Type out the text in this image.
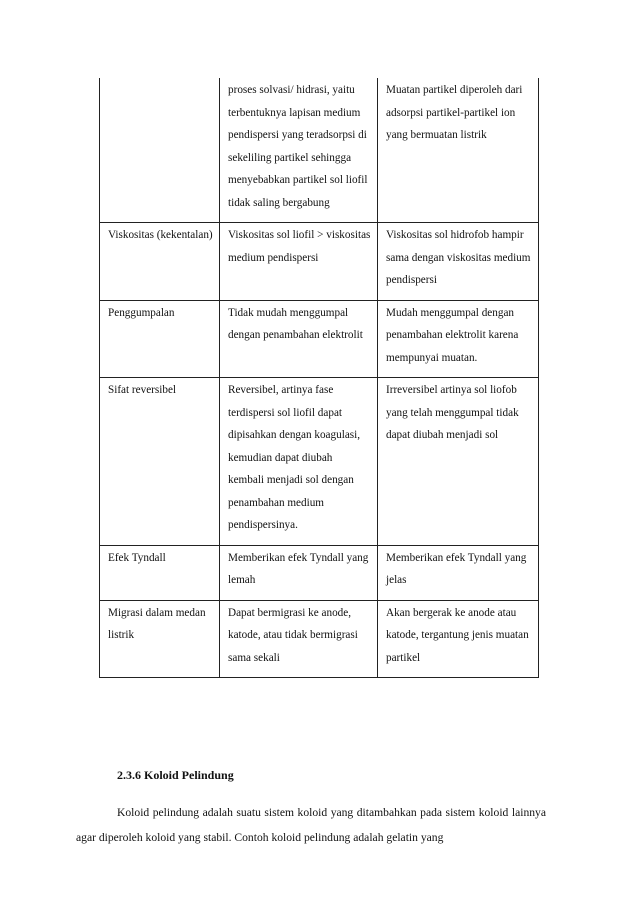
	proses solvasi/ hidrasi, yaitu terbentuknya lapisan medium pendispersi yang teradsorpsi di sekeliling partikel sehingga menyebabkan partikel sol liofil tidak saling bergabung	Muatan partikel diperoleh dari adsorpsi partikel-partikel ion yang bermuatan listrik
Viskositas (kekentalan)	Viskositas sol liofil > viskositas medium pendispersi	Viskositas sol hidrofob hampir sama dengan viskositas medium pendispersi
Penggumpalan	Tidak mudah menggumpal dengan penambahan elektrolit	Mudah menggumpal dengan penambahan elektrolit karena mempunyai muatan.
Sifat reversibel	Reversibel, artinya fase terdispersi sol liofil dapat dipisahkan dengan koagulasi, kemudian dapat diubah kembali menjadi sol dengan penambahan medium pendispersinya.	Irreversibel artinya sol liofob yang telah menggumpal tidak dapat diubah menjadi sol
Efek Tyndall	Memberikan efek Tyndall yang lemah	Memberikan efek Tyndall yang jelas
Migrasi dalam medan listrik	Dapat bermigrasi ke anode, katode, atau tidak bermigrasi sama sekali	Akan bergerak ke anode atau katode, tergantung jenis muatan partikel
2.3.6 Koloid Pelindung

Koloid pelindung adalah suatu sistem koloid yang ditambahkan pada sistem koloid lainnya agar diperoleh koloid yang stabil. Contoh koloid pelindung adalah gelatin yang
